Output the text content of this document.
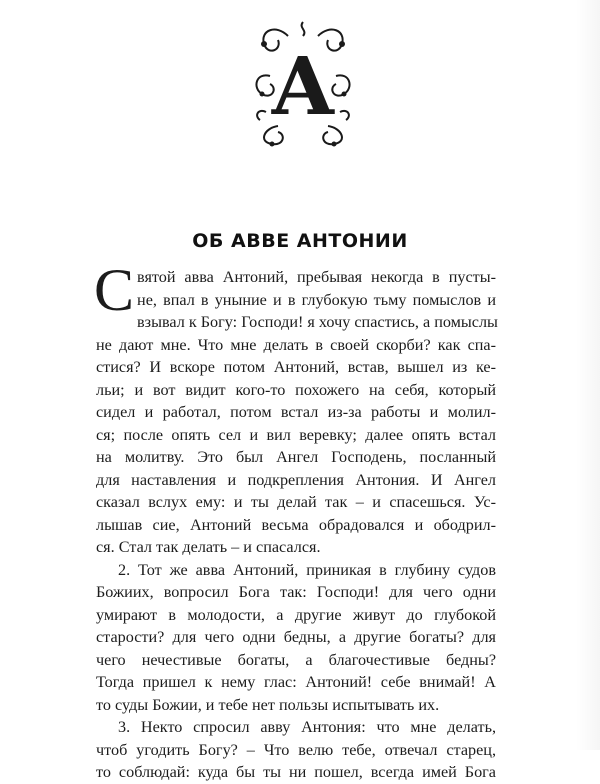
А
ОБ АВВЕ АНТОНИИ
С вятой авва Антоний, пребывая некогда в пусты-
не, впал в уныние и в глубокую тьму помыслов и
взывал к Богу: Господи! я хочу спастись, а помыслы
не дают мне. Что мне делать в своей скорби? как спа-
стися? И вскоре потом Антоний, встав, вышел из ке-
льи; и вот видит кого-то похожего на себя, который
сидел и работал, потом встал из-за работы и молил-
ся; после опять сел и вил веревку; далее опять встал
на молитву. Это был Ангел Господень, посланный
для наставления и подкрепления Антония. И Ангел
сказал вслух ему: и ты делай так – и спасешься. Ус-
лышав сие, Антоний весьма обрадовался и ободрил-
ся. Стал так делать – и спасался.
2. Тот же авва Антоний, приникая в глубину судов
Божиих, вопросил Бога так: Господи! для чего одни
умирают в молодости, а другие живут до глубокой
старости? для чего одни бедны, а другие богаты? для
чего нечестивые богаты, а благочестивые бедны?
Тогда пришел к нему глас: Антоний! себе внимай! А
то суды Божии, и тебе нет пользы испытывать их.
3. Некто спросил авву Антония: что мне делать,
чтоб угодить Богу? – Что велю тебе, отвечал старец,
то соблюдай: куда бы ты ни пошел, всегда имей Бога
